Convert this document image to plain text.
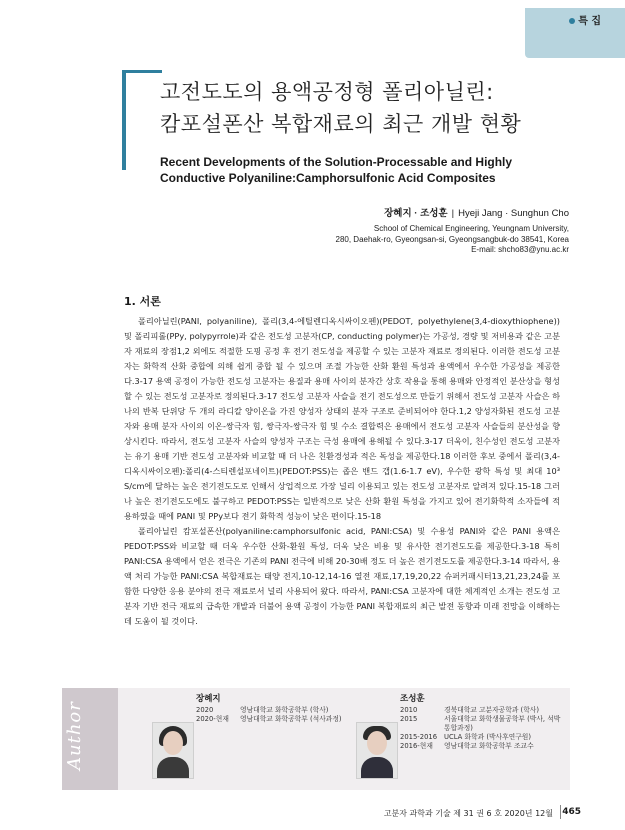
특 집
고전도도의 용액공정형 폴리아닐린:
캄포설폰산 복합재료의 최근 개발 현황
Recent Developments of the Solution-Processable and Highly
Conductive Polyaniline:Camphorsulfonic Acid Composites
장혜지 · 조성훈 | Hyeji Jang · Sunghun Cho
School of Chemical Engineering, Yeungnam University,
280, Daehak-ro, Gyeongsan-si, Gyeongsangbuk-do 38541, Korea
E-mail: shcho83@ynu.ac.kr
1. 서론

폴리아닐린(PANI, polyaniline), 폴리(3,4-에틸렌디옥시싸이오펜)(PEDOT, polyethylene(3,4-dioxythiophene)) 및 폴리피롤(PPy, polypyrrole)과 같은 전도성 고분자(CP, conducting polymer)는 가공성, 경량 및 저비용과 같은 고분자 재료의 장점1,2 외에도 적절한 도핑 공정 후 전기 전도성을 제공할 수 있는 고분자 재료로 정의된다. 이러한 전도성 고분자는 화학적 산화 중합에 의해 쉽게 중합 될 수 있으며 조절 가능한 산화 환원 특성과 용액에서 우수한 가공성을 제공한다.3-17 용액 공정이 가능한 전도성 고분자는 용질과 용매 사이의 분자간 상호 작용을 통해 용매와 안정적인 분산상을 형성할 수 있는 전도성 고분자로 정의된다.3-17 전도성 고분자 사슬을 전기 전도성으로 만들기 위해서 전도성 고분자 사슬은 하나의 반복 단위당 두 개의 라디칼 양이온을 가진 양성자 상태의 분자 구조로 준비되어야 한다.1,2 양성자화된 전도성 고분자와 용매 분자 사이의 이온-쌍극자 힘, 쌍극자-쌍극자 힘 및 수소 결합력은 용매에서 전도성 고분자 사슬들의 분산성을 향상시킨다. 따라서, 전도성 고분자 사슬의 양성자 구조는 극성 용매에 용해될 수 있다.3-17 더욱이, 친수성인 전도성 고분자는 유기 용매 기반 전도성 고분자와 비교할 때 더 나은 친환경성과 적은 독성을 제공한다.18 이러한 후보 중에서 폴리(3,4-디옥시싸이오펜):폴리(4-스티렌설포네이트)(PEDOT:PSS)는 좁은 밴드 갭(1.6-1.7 eV), 우수한 광학 특성 및 최대 10³ S/cm에 달하는 높은 전기전도도로 인해서 상업적으로 가장 널리 이용되고 있는 전도성 고분자로 알려져 있다.15-18 그러나 높은 전기전도도에도 불구하고 PEDOT:PSS는 일반적으로 낮은 산화 환원 특성을 가지고 있어 전기화학적 소자들에 적용하였을 때에 PANI 및 PPy보다 전기 화학적 성능이 낮은 편이다.15-18

폴리아닐린 캄포설폰산(polyaniline:camphorsulfonic acid, PANI:CSA) 및 수용성 PANI와 같은 PANI 용액은 PEDOT:PSS와 비교할 때 더욱 우수한 산화-환원 특성, 더욱 낮은 비용 및 유사한 전기전도도를 제공한다.3-18 특히 PANI:CSA 용액에서 얻은 전극은 기존의 PANI 전극에 비해 20-30배 정도 더 높은 전기전도도를 제공한다.3-14 따라서, 용액 처리 가능한 PANI:CSA 복합재료는 태양 전지,10-12,14-16 열전 재료,17,19,20,22 슈퍼커패시터13,21,23,24를 포함한 다양한 응용 분야의 전극 재료로서 널리 사용되어 왔다. 따라서, PANI:CSA 고분자에 대한 체계적인 소개는 전도성 고분자 기반 전극 재료의 급속한 개발과 더불어 용액 공정이 가능한 PANI 복합재료의 최근 발전 동향과 미래 전망을 이해하는 데 도움이 될 것이다.

Author
장혜지
2020	영남대학교 화학공학부 (학사)
2020-현재	영남대학교 화학공학부 (석사과정)
조성훈
2010	경북대학교 고분자공학과 (학사)
2015	서울대학교 화학생물공학부 (박사, 석박통합과정)
2015-2016	UCLA 화학과 (박사후연구원)
2016-현재	영남대학교 화학공학부 조교수
고분자 과학과 기술 제 31 권 6 호 2020년 12월 465
